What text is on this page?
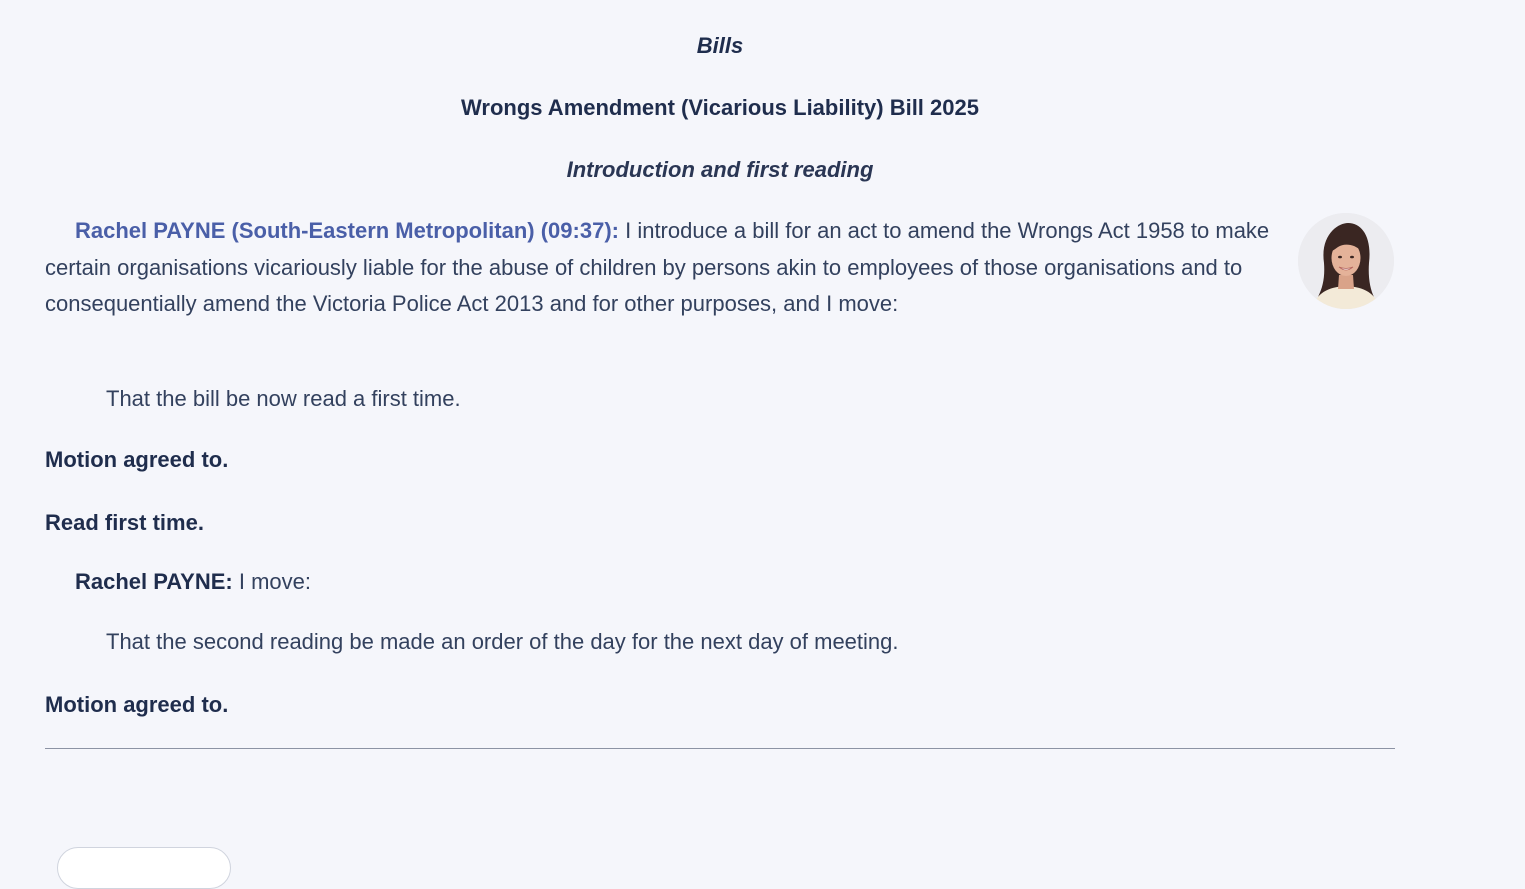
Bills
Wrongs Amendment (Vicarious Liability) Bill 2025
Introduction and first reading

Rachel PAYNE (South-Eastern Metropolitan) (09:37): I introduce a bill for an act to amend the Wrongs Act 1958 to make certain organisations vicariously liable for the abuse of children by persons akin to employees of those organisations and to consequentially amend the Victoria Police Act 2013 and for other purposes, and I move:

That the bill be now read a first time.

Motion agreed to.

Read first time.

Rachel PAYNE: I move:

That the second reading be made an order of the day for the next day of meeting.

Motion agreed to.
